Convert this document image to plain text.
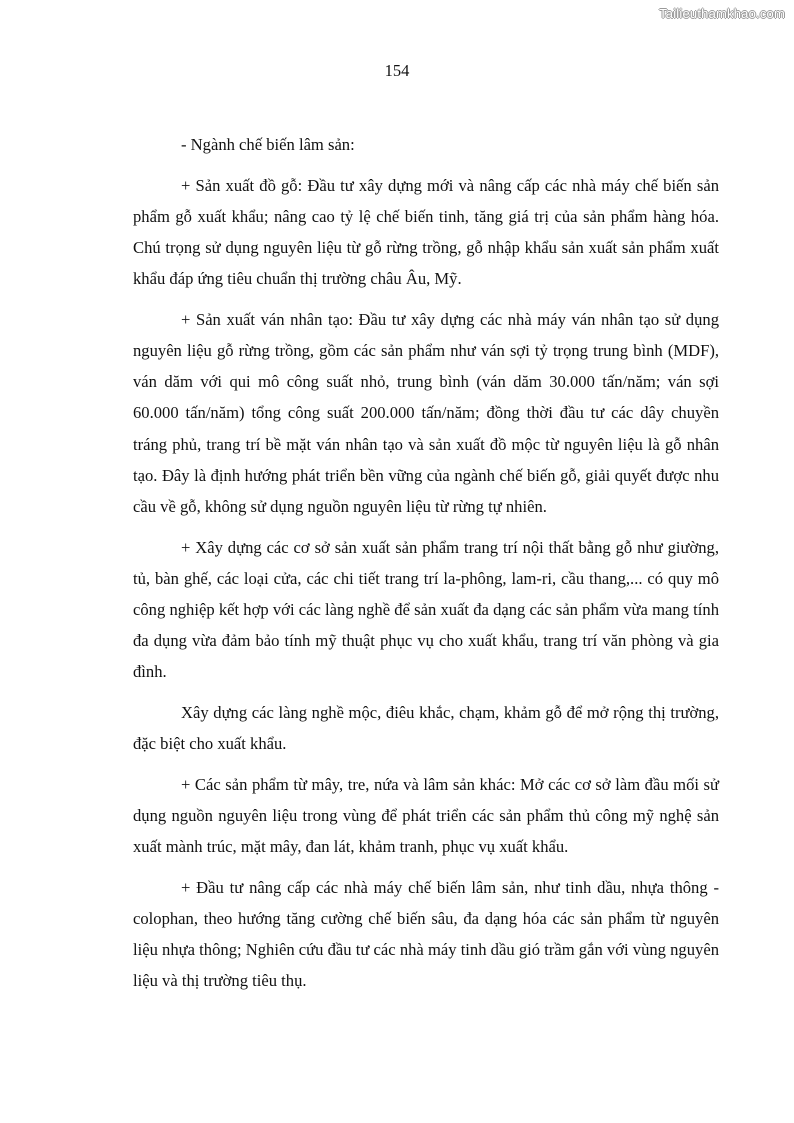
Tailieuthamkhao.com
154

- Ngành chế biến lâm sản:

+ Sản xuất đồ gỗ: Đầu tư xây dựng mới và nâng cấp các nhà máy chế biến sản phẩm gỗ xuất khẩu; nâng cao tỷ lệ chế biến tinh, tăng giá trị của sản phẩm hàng hóa. Chú trọng sử dụng nguyên liệu từ gỗ rừng trồng, gỗ nhập khẩu sản xuất sản phẩm xuất khẩu đáp ứng tiêu chuẩn thị trường châu Âu, Mỹ.

+ Sản xuất ván nhân tạo: Đầu tư xây dựng các nhà máy ván nhân tạo sử dụng nguyên liệu gỗ rừng trồng, gồm các sản phẩm như ván sợi tỷ trọng trung bình (MDF), ván dăm với qui mô công suất nhỏ, trung bình (ván dăm 30.000 tấn/năm; ván sợi 60.000 tấn/năm) tổng công suất 200.000 tấn/năm; đồng thời đầu tư các dây chuyền tráng phủ, trang trí bề mặt ván nhân tạo và sản xuất đồ mộc từ nguyên liệu là gỗ nhân tạo. Đây là định hướng phát triển bền vững của ngành chế biến gỗ, giải quyết được nhu cầu về gỗ, không sử dụng nguồn nguyên liệu từ rừng tự nhiên.

+ Xây dựng các cơ sở sản xuất sản phẩm trang trí nội thất bằng gỗ như giường, tủ, bàn ghế, các loại cửa, các chi tiết trang trí la-phông, lam-ri, cầu thang,... có quy mô công nghiệp kết hợp với các làng nghề để sản xuất đa dạng các sản phẩm vừa mang tính đa dụng vừa đảm bảo tính mỹ thuật phục vụ cho xuất khẩu, trang trí văn phòng và gia đình.

Xây dựng các làng nghề mộc, điêu khắc, chạm, khảm gỗ để mở rộng thị trường, đặc biệt cho xuất khẩu.

+ Các sản phẩm từ mây, tre, nứa và lâm sản khác: Mở các cơ sở làm đầu mối sử dụng nguồn nguyên liệu trong vùng để phát triển các sản phẩm thủ công mỹ nghệ sản xuất mành trúc, mặt mây, đan lát, khảm tranh, phục vụ xuất khẩu.

+ Đầu tư nâng cấp các nhà máy chế biến lâm sản, như tinh dầu, nhựa thông - colophan, theo hướng tăng cường chế biến sâu, đa dạng hóa các sản phẩm từ nguyên liệu nhựa thông; Nghiên cứu đầu tư các nhà máy tinh dầu gió trầm gắn với vùng nguyên liệu và thị trường tiêu thụ.
